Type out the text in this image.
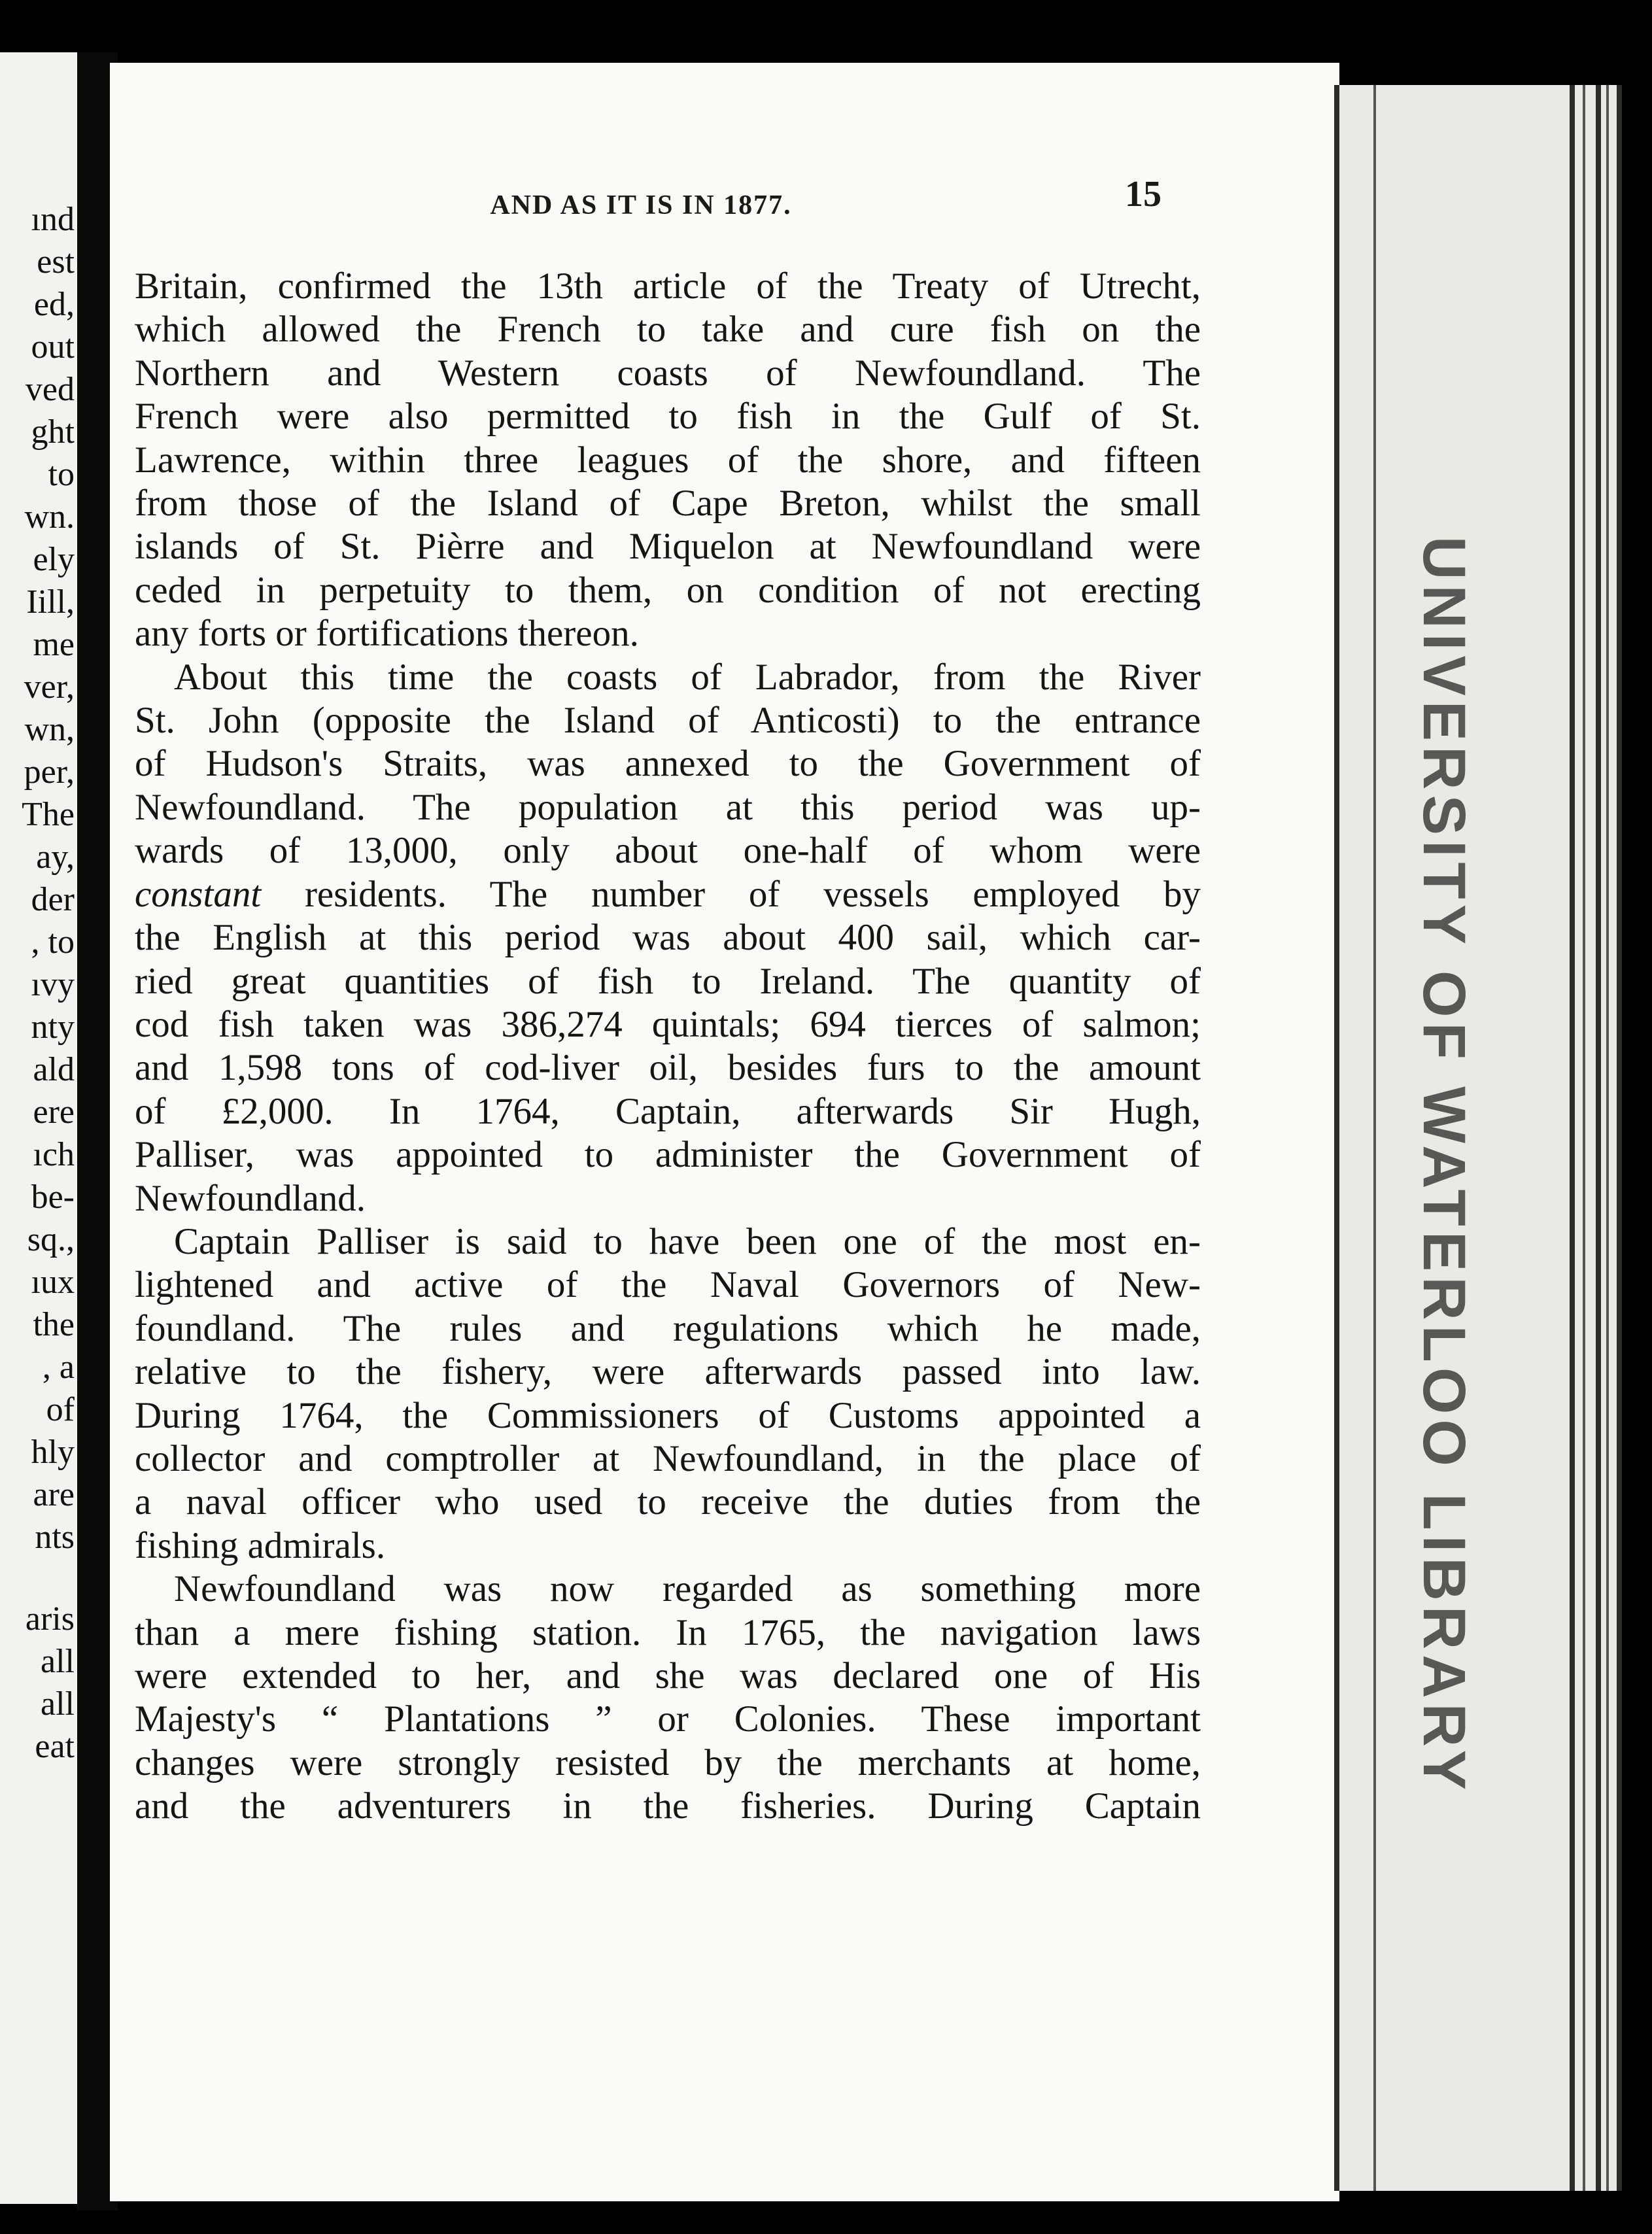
ınd
est
ed,
out
ved
ght
to
wn.
ely
Iill,
me
ver,
wn,
per,
The
ay,
der
, to
ıvy
nty
ald
ere
ıch
be-
sq.,
ıux
the
, a
of
hly
are
nts
aris
all
all
eat	UNIVERSITY OF WATERLOO LIBRARY
AND AS IT IS IN 1877.	15
Britain, confirmed the 13th article of the Treaty of Utrecht,
which allowed the French to take and cure fish on the
Northern and Western coasts of Newfoundland. The
French were also permitted to fish in the Gulf of St.
Lawrence, within three leagues of the shore, and fifteen
from those of the Island of Cape Breton, whilst the small
islands of St. Pièrre and Miquelon at Newfoundland were
ceded in perpetuity to them, on condition of not erecting
any forts or fortifications thereon.
About this time the coasts of Labrador, from the River
St. John (opposite the Island of Anticosti) to the entrance
of Hudson's Straits, was annexed to the Government of
Newfoundland. The population at this period was up-
wards of 13,000, only about one-half of whom were
constant residents. The number of vessels employed by
the English at this period was about 400 sail, which car-
ried great quantities of fish to Ireland. The quantity of
cod fish taken was 386,274 quintals; 694 tierces of salmon;
and 1,598 tons of cod-liver oil, besides furs to the amount
of £2,000. In 1764, Captain, afterwards Sir Hugh,
Palliser, was appointed to administer the Government of
Newfoundland.
Captain Palliser is said to have been one of the most en-
lightened and active of the Naval Governors of New-
foundland. The rules and regulations which he made,
relative to the fishery, were afterwards passed into law.
During 1764, the Commissioners of Customs appointed a
collector and comptroller at Newfoundland, in the place of
a naval officer who used to receive the duties from the
fishing admirals.
Newfoundland was now regarded as something more
than a mere fishing station. In 1765, the navigation laws
were extended to her, and she was declared one of His
Majesty's “ Plantations ” or Colonies. These important
changes were strongly resisted by the merchants at home,
and the adventurers in the fisheries. During Captain
